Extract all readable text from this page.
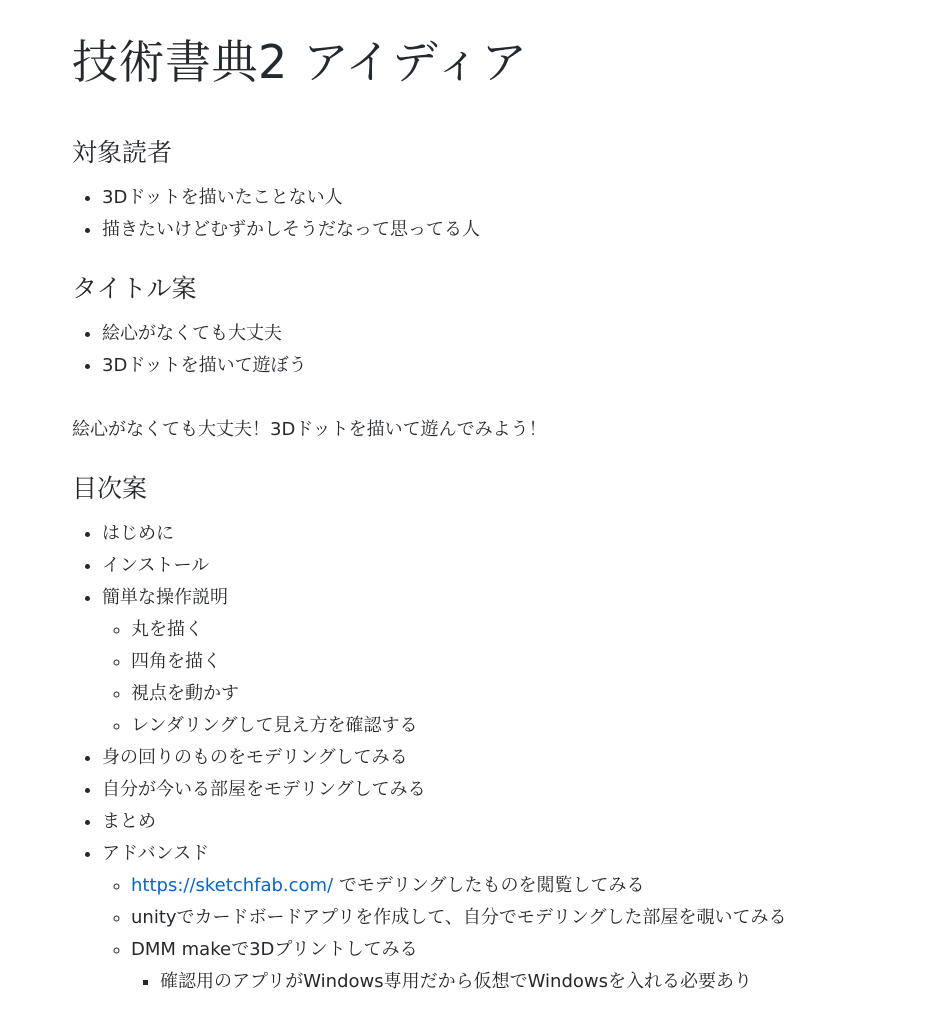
技術書典2 アイディア
対象読者
• 3Dドットを描いたことない人
• 描きたいけどむずかしそうだなって思ってる人
タイトル案
• 絵心がなくても大丈夫
• 3Dドットを描いて遊ぼう

絵心がなくても大丈夫！3Dドットを描いて遊んでみよう！

目次案
• はじめに
• インストール
• 簡単な操作説明
◦ 丸を描く
◦ 四角を描く
◦ 視点を動かす
◦ レンダリングして見え方を確認する
• 身の回りのものをモデリングしてみる
• 自分が今いる部屋をモデリングしてみる
• まとめ
• アドバンスド
◦ https://sketchfab.com/ でモデリングしたものを閲覧してみる
◦ unityでカードボードアプリを作成して、自分でモデリングした部屋を覗いてみる
◦ DMM makeで3Dプリントしてみる
▪ 確認用のアプリがWindows専用だから仮想でWindowsを入れる必要あり
